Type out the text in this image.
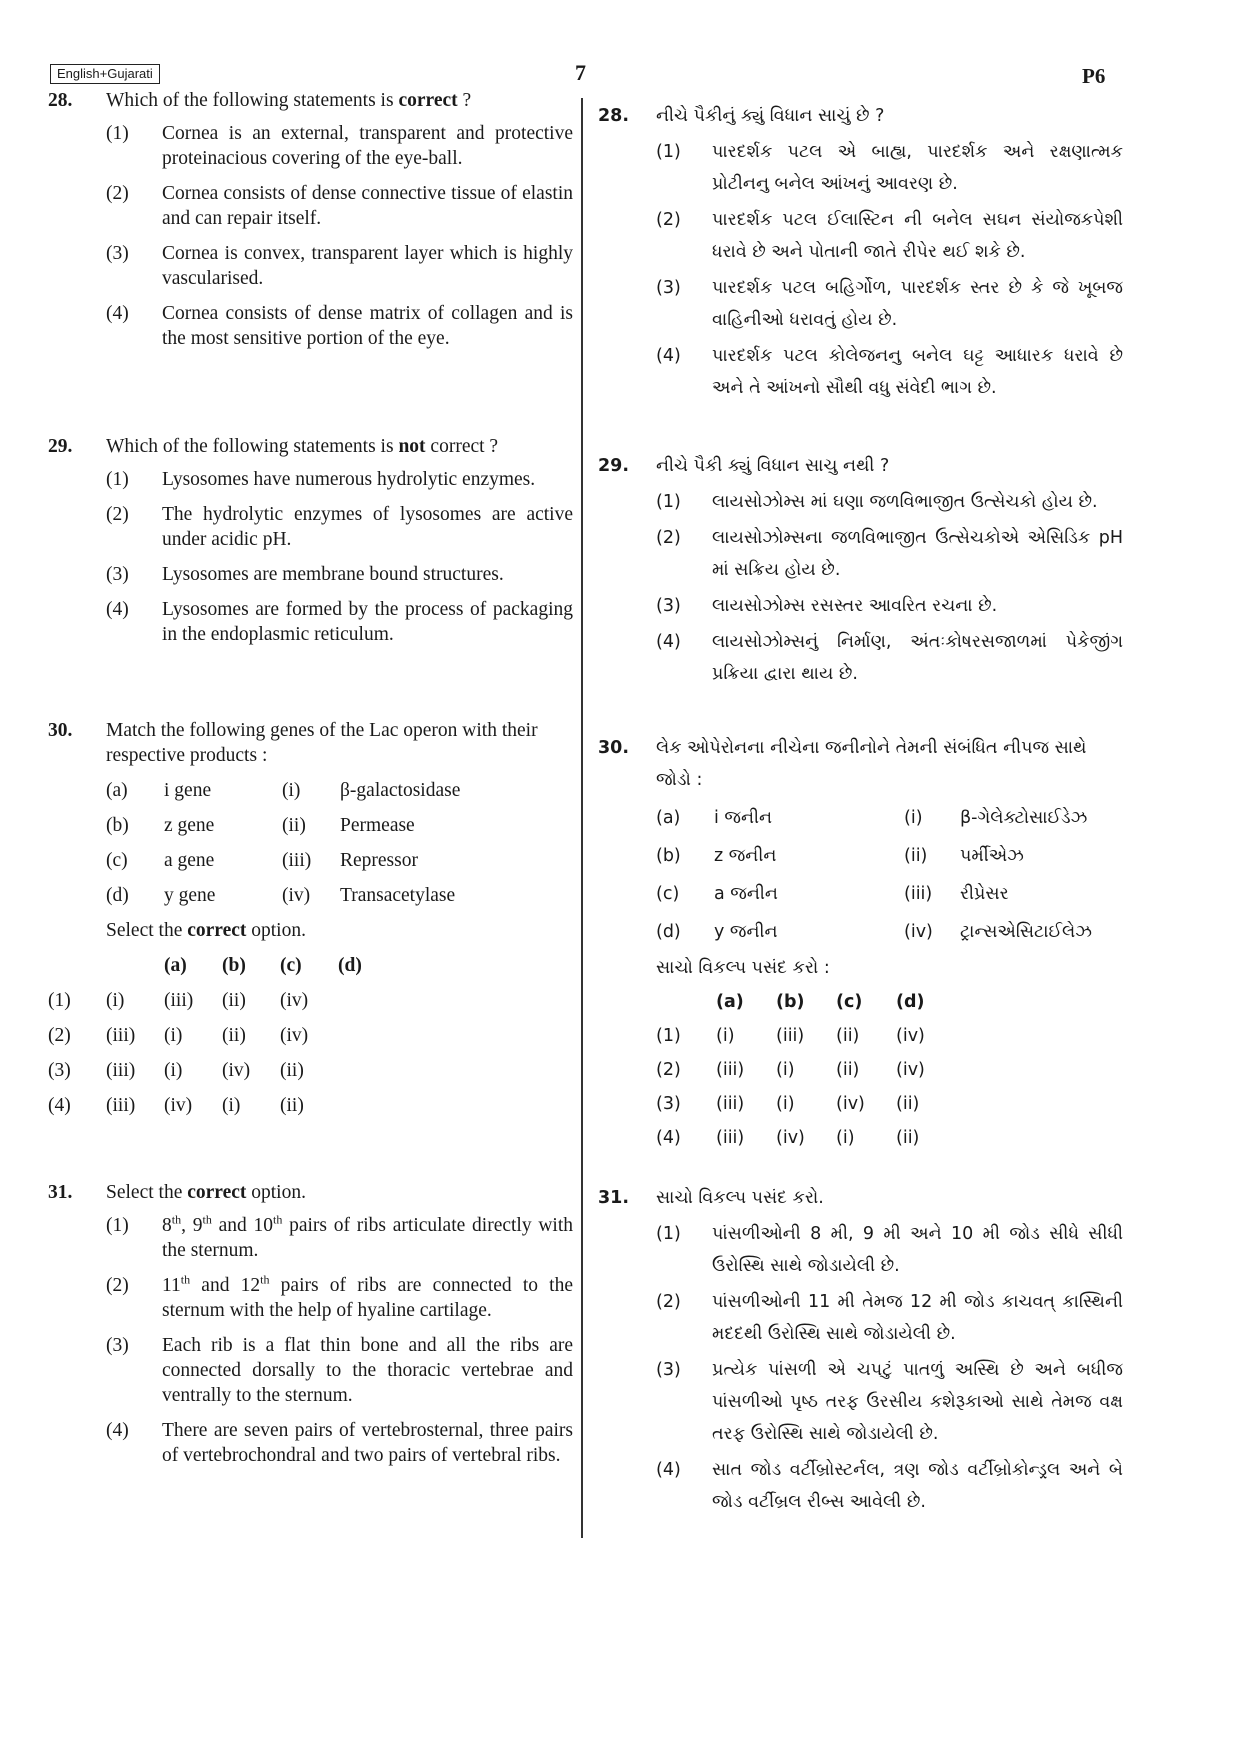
English+Gujarati	7	P6
28.	Which of the following statements is correct ?
(1)	Cornea is an external, transparent and protective proteinacious covering of the eye-ball.
(2)	Cornea consists of dense connective tissue of elastin and can repair itself.
(3)	Cornea is convex, transparent layer which is highly vascularised.
(4)	Cornea consists of dense matrix of collagen and is the most sensitive portion of the eye.
29.	Which of the following statements is not correct ?
(1)	Lysosomes have numerous hydrolytic enzymes.
(2)	The hydrolytic enzymes of lysosomes are active under acidic pH.
(3)	Lysosomes are membrane bound structures.
(4)	Lysosomes are formed by the process of packaging in the endoplasmic reticulum.
30.	Match the following genes of the Lac operon with their respective products :
(a)	i gene	(i)	β-galactosidase
(b)	z gene	(ii)	Permease
(c)	a gene	(iii)	Repressor
(d)	y gene	(iv)	Transacetylase
Select the correct option.
(a)	(b)	(c)	(d)
(1)	(i)	(iii)	(ii)	(iv)
(2)	(iii)	(i)	(ii)	(iv)
(3)	(iii)	(i)	(iv)	(ii)
(4)	(iii)	(iv)	(i)	(ii)
31.	Select the correct option.
(1)	8th, 9th and 10th pairs of ribs articulate directly with the sternum.
(2)	11th and 12th pairs of ribs are connected to the sternum with the help of hyaline cartilage.
(3)	Each rib is a flat thin bone and all the ribs are connected dorsally to the thoracic vertebrae and ventrally to the sternum.
(4)	There are seven pairs of vertebrosternal, three pairs of vertebrochondral and two pairs of vertebral ribs.
28.	નીચે પૈકીનું ક્યું વિધાન સાચું છે ?
(1)	પારદર્શક પટલ એ બાહ્ય, પારદર્શક અને રક્ષણાત્મક પ્રોટીનનુ બનેલ આંખનું આવરણ છે.
(2)	પારદર્શક પટલ ઈલાસ્ટિન ની બનેલ સઘન સંયોજકપેશી ધરાવે છે અને પોતાની જાતે રીપેર થઈ શકે છે.
(3)	પારદર્શક પટલ બહિર્ગોળ, પારદર્શક સ્તર છે કે જે ખૂબજ વાહિનીઓ ધરાવતું હોય છે.
(4)	પારદર્શક પટલ કોલેજનનુ બનેલ ઘટ્ટ આધારક ધરાવે છે અને તે આંખનો સૌથી વધુ સંવેદી ભાગ છે.
29.	નીચે પૈકી ક્યું વિધાન સાચુ નથી ?
(1)	લાયસોઝોમ્સ માં ઘણા જળવિભાજીત ઉત્સેચકો હોય છે.
(2)	લાયસોઝોમ્સના જળવિભાજીત ઉત્સેચકોએ એસિડિક pH માં સક્રિય હોય છે.
(3)	લાયસોઝોમ્સ રસસ્તર આવરિત રચના છે.
(4)	લાયસોઝોમ્સનું નિર્માણ, અંતઃકોષરસજાળમાં પેકેજીંગ પ્રક્રિયા દ્વારા થાય છે.
30.	લેક ઓપેરોનના નીચેના જનીનોને તેમની સંબંધિત નીપજ સાથે જોડો :
(a)	i જનીન	(i)	β-ગેલેક્ટોસાઈડેઝ
(b)	z જનીન	(ii)	પર્મીએઝ
(c)	a જનીન	(iii)	રીપ્રેસર
(d)	y જનીન	(iv)	ટ્રાન્સએસિટાઈલેઝ
સાચો વિકલ્પ પસંદ કરો :
(a)	(b)	(c)	(d)
(1)	(i)	(iii)	(ii)	(iv)
(2)	(iii)	(i)	(ii)	(iv)
(3)	(iii)	(i)	(iv)	(ii)
(4)	(iii)	(iv)	(i)	(ii)
31.	સાચો વિકલ્પ પસંદ કરો.
(1)	પાંસળીઓની 8 મી, 9 મી અને 10 મી જોડ સીધે સીધી ઉરોસ્થિ સાથે જોડાયેલી છે.
(2)	પાંસળીઓની 11 મી તેમજ 12 મી જોડ કાચવત્ કાસ્થિની મદદથી ઉરોસ્થિ સાથે જોડાયેલી છે.
(3)	પ્રત્યેક પાંસળી એ ચપટું પાતળું અસ્થિ છે અને બધીજ પાંસળીઓ પૃષ્ઠ તરફ ઉરસીય કશેરૂકાઓ સાથે તેમજ વક્ષ તરફ ઉરોસ્થિ સાથે જોડાયેલી છે.
(4)	સાત જોડ વર્ટીબ્રોસ્ટર્નલ, ત્રણ જોડ વર્ટીબ્રોકોન્ડ્રલ અને બે જોડ વર્ટીબ્રલ રીબ્સ આવેલી છે.
